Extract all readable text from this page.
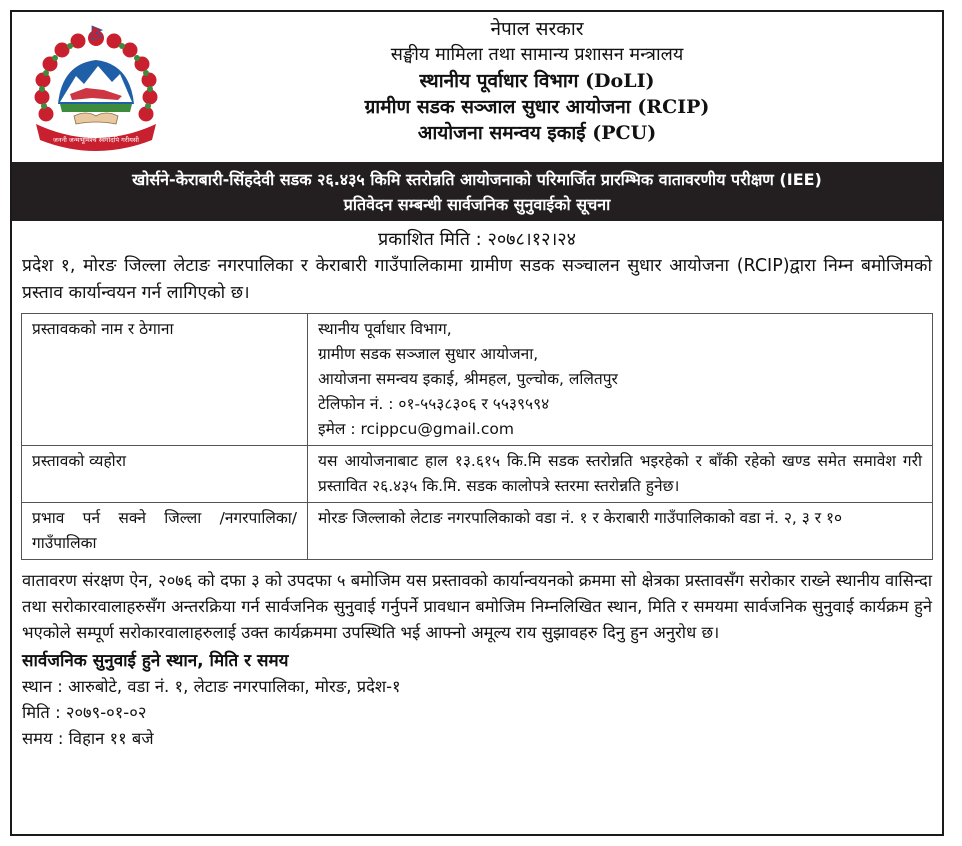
जननी जन्मभूमिश्च स्वर्गादपि गरीयसी
नेपाल सरकार
सङ्घीय मामिला तथा सामान्य प्रशासन मन्त्रालय
स्थानीय पूर्वाधार विभाग (DoLI)
ग्रामीण सडक सञ्जाल सुधार आयोजना (RCIP)
आयोजना समन्वय इकाई (PCU)
खोर्सने-केराबारी-सिंहदेवी सडक २६.४३५ किमि स्तरोन्नति आयोजनाको परिमार्जित प्रारम्भिक वातावरणीय परीक्षण (IEE)
प्रतिवेदन सम्बन्धी सार्वजनिक सुनुवाईको सूचना
प्रकाशित मिति : २०७८।१२।२४
प्रदेश १, मोरङ जिल्ला लेटाङ नगरपालिका र केराबारी गाउँपालिकामा ग्रामीण सडक सञ्चालन सुधार आयोजना (RCIP)द्वारा निम्न बमोजिमको प्रस्ताव कार्यान्वयन गर्न लागिएको छ।
प्रस्तावकको नाम र ठेगाना	स्थानीय पूर्वाधार विभाग,
ग्रामीण सडक सञ्जाल सुधार आयोजना,
आयोजना समन्वय इकाई, श्रीमहल, पुल्चोक, ललितपुर
टेलिफोन नं. : ०१-५५३८३०६ र ५५३९५९४
इमेल : rcippcu@gmail.com

प्रस्तावको व्यहोरा	यस आयोजनाबाट हाल १३.६१५ कि.मि सडक स्तरोन्नति भइरहेको र बाँकी रहेको खण्ड समेत समावेश गरी प्रस्तावित २६.४३५ कि.मि. सडक कालोपत्रे स्तरमा स्तरोन्नति हुनेछ।
प्रभाव पर्न सक्ने जिल्ला /नगरपालिका/ गाउँपालिका	मोरङ जिल्लाको लेटाङ नगरपालिकाको वडा नं. १ र केराबारी गाउँपालिकाको वडा नं. २, ३ र १०
वातावरण संरक्षण ऐन, २०७६ को दफा ३ को उपदफा ५ बमोजिम यस प्रस्तावको कार्यान्वयनको क्रममा सो क्षेत्रका प्रस्तावसँग सरोकार राख्ने स्थानीय वासिन्दा तथा सरोकारवालाहरुसँग अन्तरक्रिया गर्न सार्वजनिक सुनुवाई गर्नुपर्ने प्रावधान बमोजिम निम्नलिखित स्थान, मिति र समयमा सार्वजनिक सुनुवाई कार्यक्रम हुने भएकोले सम्पूर्ण सरोकारवालाहरुलाई उक्त कार्यक्रममा उपस्थिति भई आफ्नो अमूल्य राय सुझावहरु दिनु हुन अनुरोध छ।
सार्वजनिक सुनुवाई हुने स्थान, मिति र समय
स्थान : आरुबोटे, वडा नं. १, लेटाङ नगरपालिका, मोरङ, प्रदेश-१
मिति : २०७९-०१-०२
समय : विहान ११ बजे
